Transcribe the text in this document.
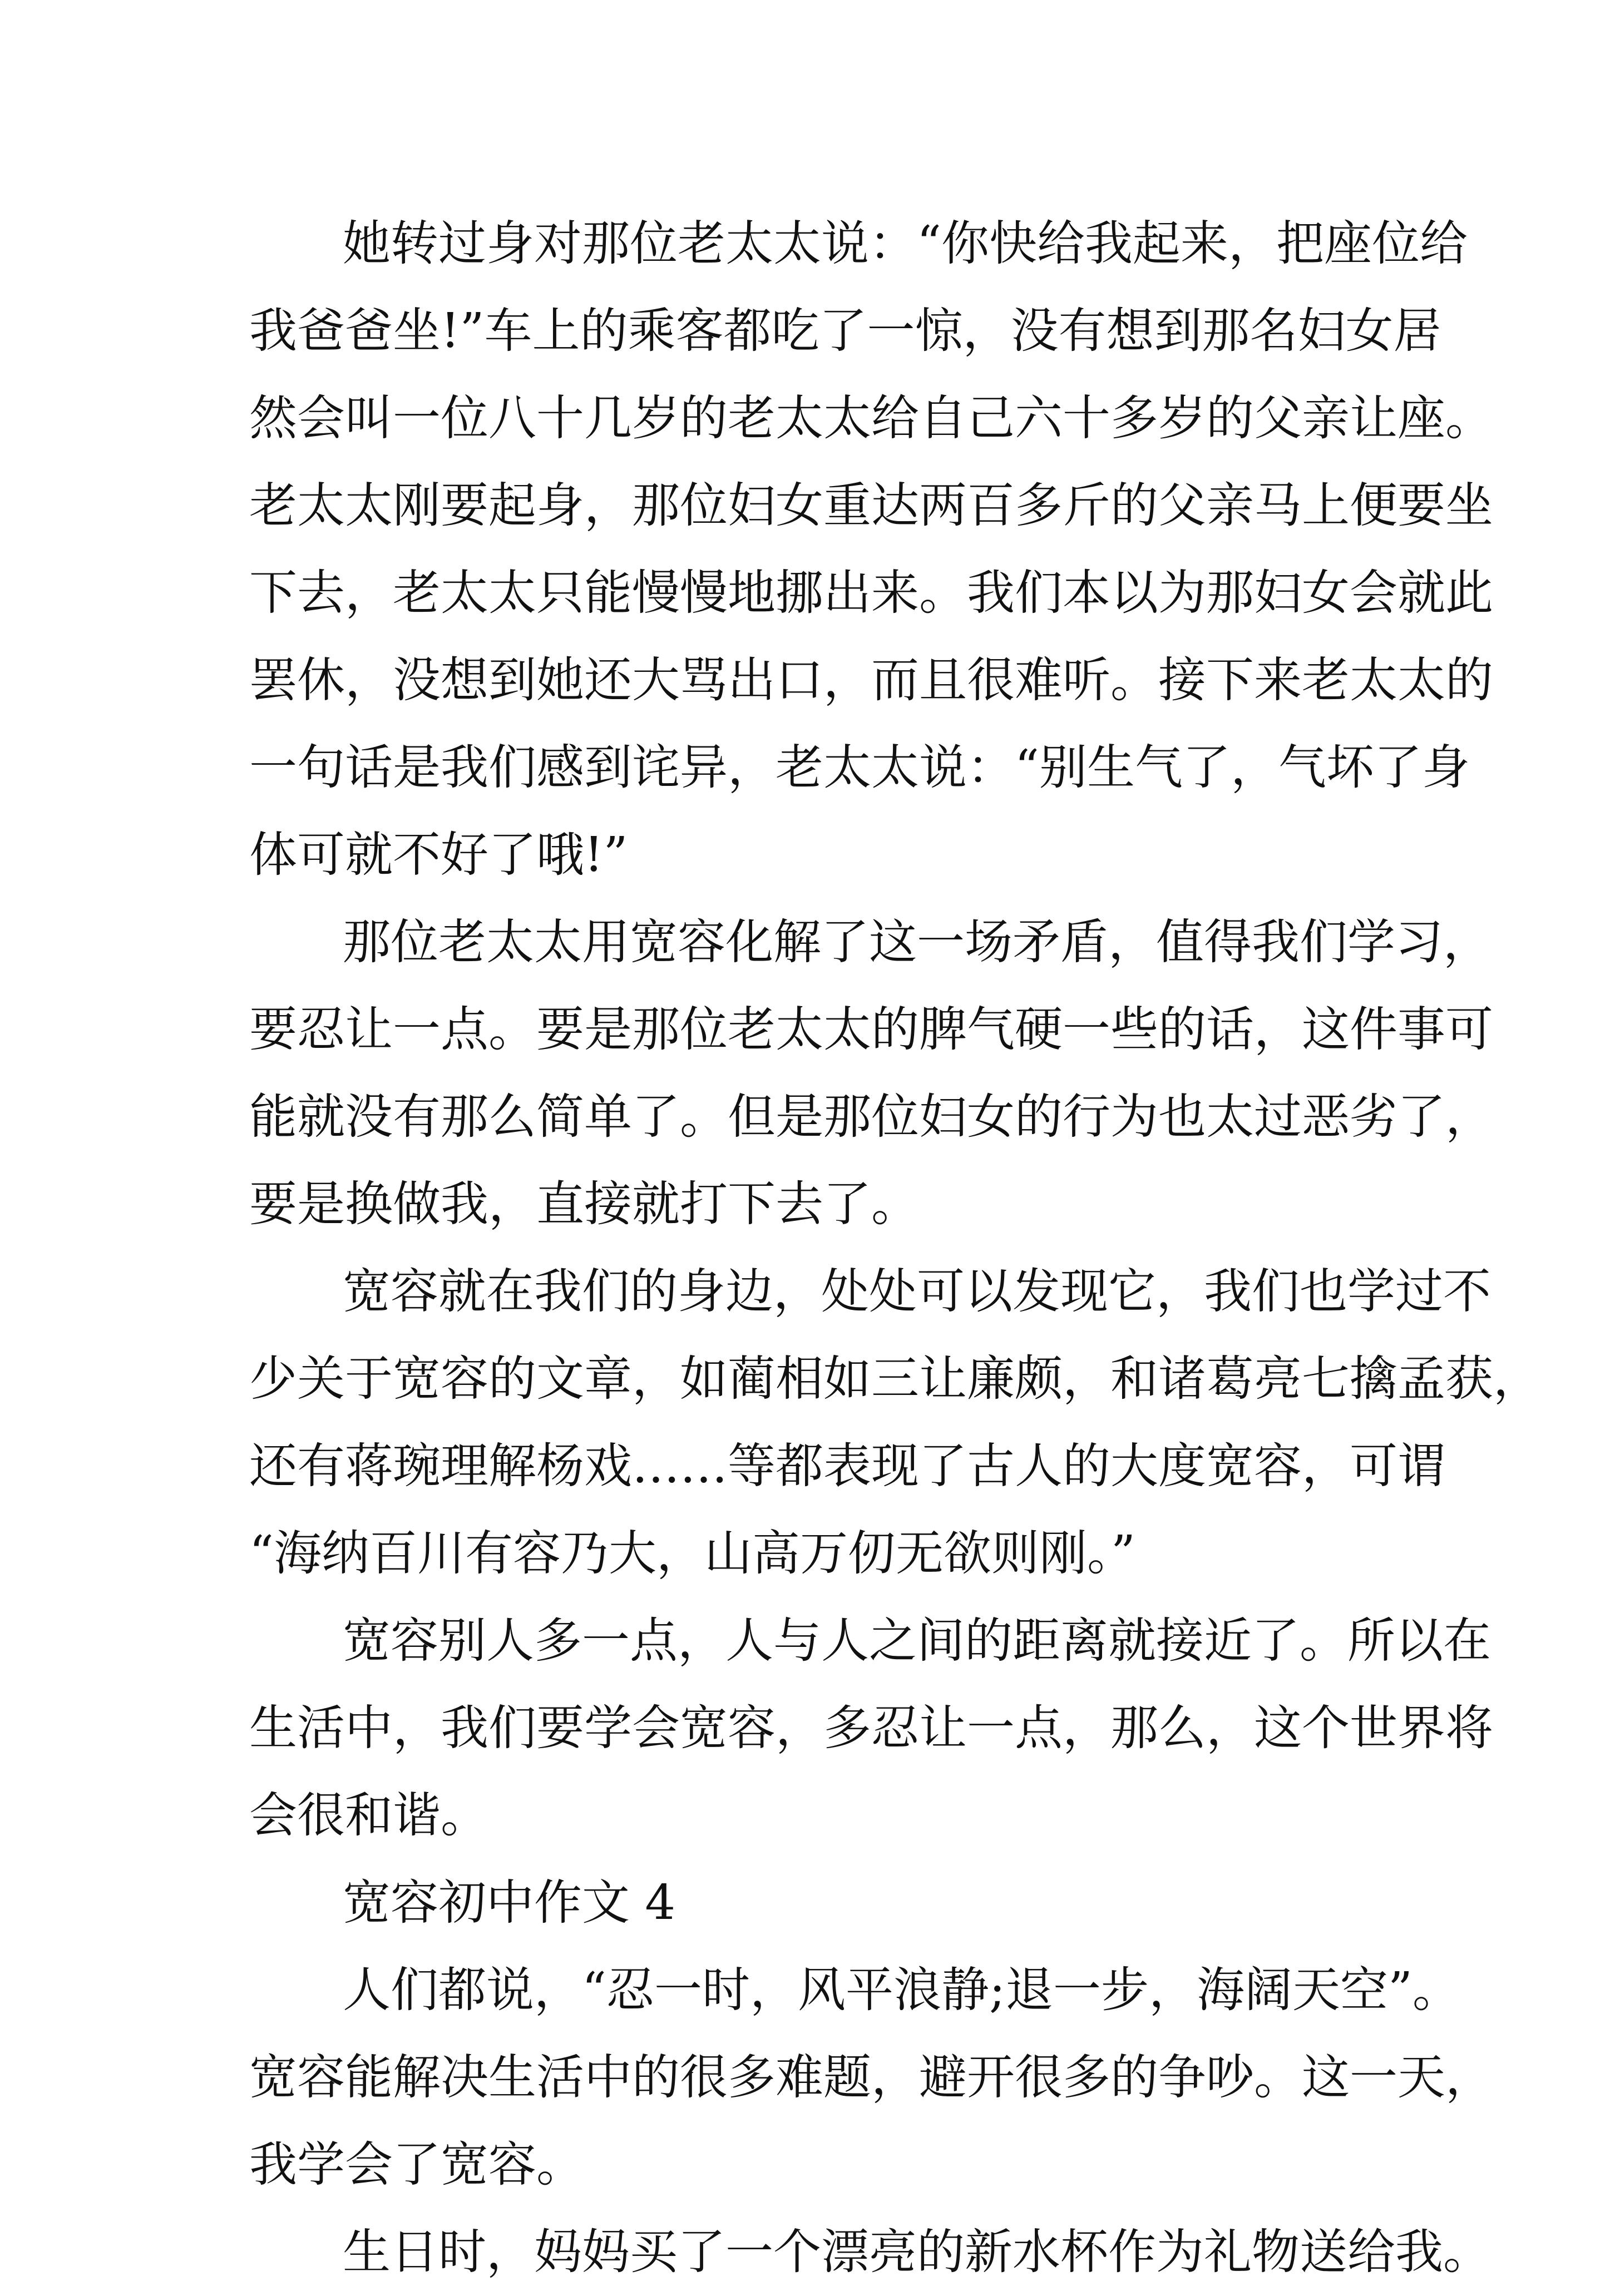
她转过身对那位老太太说：“你快给我起来，把座位给
我爸爸坐!”车上的乘客都吃了一惊，没有想到那名妇女居
然会叫一位八十几岁的老太太给自己六十多岁的父亲让座。
老太太刚要起身，那位妇女重达两百多斤的父亲马上便要坐
下去，老太太只能慢慢地挪出来。我们本以为那妇女会就此
罢休，没想到她还大骂出口，而且很难听。接下来老太太的
一句话是我们感到诧异，老太太说：“别生气了，气坏了身
体可就不好了哦!”
那位老太太用宽容化解了这一场矛盾，值得我们学习，
要忍让一点。要是那位老太太的脾气硬一些的话，这件事可
能就没有那么简单了。但是那位妇女的行为也太过恶劣了，
要是换做我，直接就打下去了。
宽容就在我们的身边，处处可以发现它，我们也学过不
少关于宽容的文章，如蔺相如三让廉颇，和诸葛亮七擒孟获，
还有蒋琬理解杨戏……等都表现了古人的大度宽容，可谓
“海纳百川有容乃大，山高万仞无欲则刚。”
宽容别人多一点，人与人之间的距离就接近了。所以在
生活中，我们要学会宽容，多忍让一点，那么，这个世界将
会很和谐。
宽容初中作文 4
人们都说，“忍一时，风平浪静;退一步，海阔天空”。
宽容能解决生活中的很多难题，避开很多的争吵。这一天，
我学会了宽容。
生日时，妈妈买了一个漂亮的新水杯作为礼物送给我。
